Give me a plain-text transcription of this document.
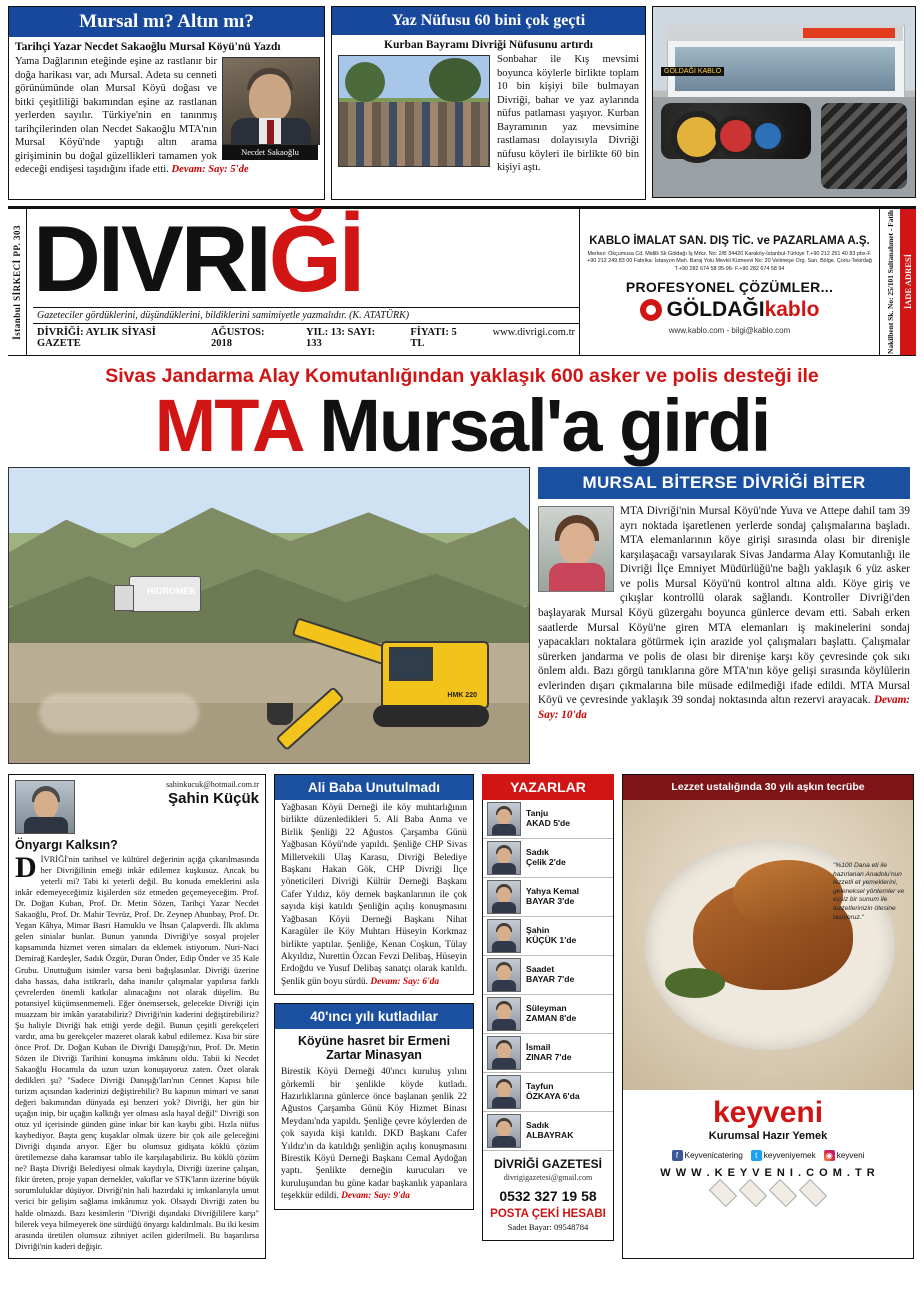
Mursal mı? Altın mı?
Tarihçi Yazar Necdet Sakaoğlu Mursal Köyü'nü Yazdı
Necdet Sakaoğlu
Yama Dağlarının eteğinde eşine az rastlanır bir doğa harikası var, adı Mursal. Adeta su cenneti görünümünde olan Mursal Köyü doğası ve bitki çeşitliliği bakımından eşine az rastlanan yerlerden sayılır. Türkiye'nin en tanınmış tarihçilerinden olan Necdet Sakaoğlu MTA'nın Mursal Köyü'nde yaptığı altın arama girişiminin bu doğal güzellikleri tamamen yok edeceği endişesi taşıdığını ifade etti. Devam: Say: 5'de
Yaz Nüfusu 60 bini çok geçti
Kurban Bayramı Divriği Nüfusunu artırdı
Sonbahar ile Kış mevsimi boyunca köylerle birlikte toplam 10 bin kişiyi bile bulmayan Divriği, bahar ve yaz aylarında nüfus patlaması yaşıyor. Kurban Bayramının yaz mevsimine rastlaması dolayısıyla Divriği nüfusu köyleri ile birlikte 60 bin kişiyi aştı.
GÖLDAĞI KABLO
İstanbul SİRKECİ PP. 303 DIVRIĞİ
Gazeteciler gördüklerini, düşündüklerini, bildiklerini samimiyetle yazmalıdır. (K. ATATÜRK)
DİVRİĞİ: AYLIK SİYASİ GAZETE
AĞUSTOS: 2018
YIL: 13: SAYI: 133
FİYATI: 5 TL
www.divrigi.com.tr
KABLO İMALAT SAN. DIŞ TİC. ve PAZARLAMA A.Ş.
Merkez: Okçumusa Cd. Midilli Sk Göldağı İş Mrkz. No: 2/B 34420 Karaköy-İstanbul-Türkiye T.+90 212 251 40 83 pbx-F. +90 212 249 83 00 Fabrika: İstasyon Mah. Baraj Yolu Mevkii Kümeevi No: 20 Velimeşe Org. San. Bölge. Çorlu-Tekirdağ T.+90 282 674 58 95-96- F.+90 282 674 58 94
PROFESYONEL ÇÖZÜMLER...
GÖLDAĞIkablo
www.kablo.com - bilgi@kablo.com	Nakilbent Sk. No: 25/101 Sultanahmet - Fatih İADE ADRESİ
Sivas Jandarma Alay Komutanlığından yaklaşık 600 asker ve polis desteği ile
MTA Mursal'a girdi
HIDROMEK
HMK 220
MURSAL BİTERSE DİVRİĞİ BİTER
MTA Divriği'nin Mursal Köyü'nde Yuva ve Attepe dahil tam 39 ayrı noktada işaretlenen yerlerde sondaj çalışmalarına başladı. MTA elemanlarının köye girişi sırasında olası bir direnişle karşılaşacağı varsayılarak Sivas Jandarma Alay Komutanlığı ile Divriği İlçe Emniyet Müdürlüğü'ne bağlı yaklaşık 6 yüz asker ve polis Mursal Köyü'nü kontrol altına aldı. Köye giriş ve çıkışlar kontrollü olarak sağlandı. Kontroller Divriği'den başlayarak Mursal Köyü güzergahı boyunca günlerce devam etti. Sabah erken saatlerde Mursal Köyü'ne giren MTA elemanları iş makinelerini sondaj yapacakları noktalara götürmek için arazide yol çalışmaları başlattı. Çalışmalar sürerken jandarma ve polis de olası bir direnişe karşı köy çevresinde çok sıkı önlem aldı. Bazı görgü tanıklarına göre MTA'nın köye gelişi sırasında köylülerin evlerinden dışarı çıkmalarına bile müsade edilmediği ifade edildi. MTA Mursal Köyü ve çevresinde yaklaşık 39 sondaj noktasında altın rezervi arayacak. Devam: Say: 10'da
sahinkucuk@hotmail.com.tr
Şahin Küçük
Önyargı Kalksın?
D İVRİĞİ'nin tarihsel ve kültürel değerinin açığa çıkarılmasında her Divriğilinin emeği inkâr edilemez kuşkusuz. Ancak bu yeterli mi? Tabi ki yeterli değil. Bu konuda emeklerini asla inkâr edemeyeceğimiz kişilerden söz etmeden geçemeyeceğim. Prof. Dr. Doğan Kuban, Prof. Dr. Metin Sözen, Tarihçi Yazar Necdet Sakaoğlu, Prof. Dr. Mahir Tevrüz, Prof. Dr. Zeynep Ahunbay, Prof. Dr. Yegan Kâhya, Mimar Basri Hamuklu ve İhsan Çalapverdi. İlk aklıma gelen sinialar bunlar. Bunun yanında Divriği'ye sosyal projeler kapsamında hizmet veren simaları da eklemek istiyorum. Nuri-Naci Demirağ Kardeşler, Sadık Özgür, Duran Önder, Edip Önder ve 35 Kale Grubu. Unuttuğum isimler varsa beni bağışlasınlar. Divriği üzerine daha hassas, daha istikrarlı, daha inanılır çalışmalar yapılırsa farklı çevrelerden önemli katkılar alınacağını not olarak düşelim. Bu potansiyel küçümsenmemeli. Eğer önemsersek, gelecekte Divriği için muazzam bir imkân yaratabiliriz? Divriği'nin kaderini değiştirebiliriz? Şu haliyle Divriği hak ettiği yerde değil. Bunun çeşitli gerekçeleri vardır, ama bu gerekçeler mazeret olarak kabul edilemez. Kısa bir süre önce Prof. Dr. Doğan Kuban ile Divriği Danışığı'nın, Prof. Dr. Metin Sözen ile Divriği Tarihini konuşma imkânını oldu. Tabii ki Necdet Sakaoğlu Hocamıla da uzun uzun konuşuyoruz zaten. Özet olarak dedikleri şu? "Sadece Divriği Danışığı'ları'nın Cennet Kapısı bile turizm açısından kaderinizi değiştirebilir? Bu kapının mimari ve sanat değeri bakımından dünyada eşi benzeri yok? Divriği, her gün bir uçağın inip, bir uçağın kalktığı yer olması asla hayal değil" Divriği son otuz yıl içerisinde günden güne inkar bir kan kaybı gibi. Hızla nüfus kaybediyor. Başta genç kuşaklar olmak üzere bir çok aile geleceğini Divriği dışında arıyor. Eğer bu olumsuz gidişata köklü çözüm üretilemezse daha karamsar tablo ile karşılaşabiliriz. Bu köklü çözüm ne? Başta Divriği Belediyesi olmak kaydıyla, Divriği üzerine çalışan, fikir üreten, proje yapan dernekler, vakıflar ve STK'ların üzerine büyük sorumluluklar düşüyor. Divriği'nin hali hazırdaki iç imkanlarıyla umut verici bir gelişim sağlama imkânımız yok. Olsaydı Divriği zaten bu halde olmazdı. Bazı kesimlerin "Divriği dışındaki Divriğililere karşı" bilerek veya bilmeyerek öne sürdüğü önyargı kaldırılmalı. Bu iki kesim arasında üretilen olumsuz zihniyet acilen giderilmeli. Bu başarılırsa Divriği'nin kaderi değişir.
Ali Baba Unutulmadı
Yağbasan Köyü Derneği ile köy muhtarlığının birlikte düzenledikleri 5. Ali Baba Anma ve Birlik Şenliği 22 Ağustos Çarşamba Günü Yağbasan Köyü'nde yapıldı. Şenliğe CHP Sivas Milletvekili Ulaş Karasu, Divriği Belediye Başkanı Hakan Gök, CHP Divriği İlçe yöneticileri Divriği Kültür Derneği Başkanı Cafer Yıldız, köy dernek başkanlarının ile çok sayıda kişi katıldı Şenliğin açılış konuşmasını Yağbasan Köyü Derneği Başkanı Nihat Karagüler ile Köy Muhtarı Hüseyin Korkmaz birlikte yaptılar. Şenliğe, Kenan Coşkun, Tülay Akyıldız, Nurettin Özcan Fevzi Delibaş, Hüseyin Erdoğdu ve Yusuf Delibaş sanatçı olarak katıldı. Şenlik gün boyu sürdü. Devam: Say: 6'da
40'ıncı yılı kutladılar
Köyüne hasret bir Ermeni Zartar Minasyan
Birestik Köyü Derneği 40'ıncı kuruluş yılını görkemli bir şenlikle köyde kutladı. Hazırlıklarına günlerce önce başlanan şenlik 22 Ağustos Çarşamba Günü Köy Hizmet Binası Meydanı'nda yapıldı. Şenliğe çevre köylerden de çok sayıda kişi katıldı. DKD Başkanı Cafer Yıldız'ın da katıldığı şenliğin açılış konuşmasını Birestik Köyü Derneği Başkanı Cemal Aydoğan yaptı. Şenlikte derneğin kurucuları ve kuruluşundan bu güne kadar başkanlık yapanlara teşekkür edildi. Devam: Say: 9'da
YAZARLAR
Tanju
AKAD 5'de
Sadık
Çelik 2'de
Yahya Kemal
BAYAR 3'de
Şahin
KÜÇÜK 1'de
Saadet
BAYAR 7'de
Süleyman
ZAMAN 8'de
İsmail
ZINAR 7'de
Tayfun
ÖZKAYA 6'da
Sadık
ALBAYRAK
DİVRİĞİ GAZETESİ
divrigigazetesi@gmail.com
0532 327 19 58
POSTA ÇEKİ HESABI
Sadet Bayar: 09548784
Lezzet ustalığında 30 yılı aşkın tecrübe
"%100 Dana eti ile hazırlanan Anadolu'nun lezzetli et yemeklerini, geleneksel yöntemler ve eşsiz bir sunum ile lezzetlerinizin ötesine taşıyoruz."
keyveni
Kurumsal Hazır Yemek
f Keyvenicatering	t keyveniyemek ◉ keyveni
W W W . K E Y V E N I . C O M . T R
